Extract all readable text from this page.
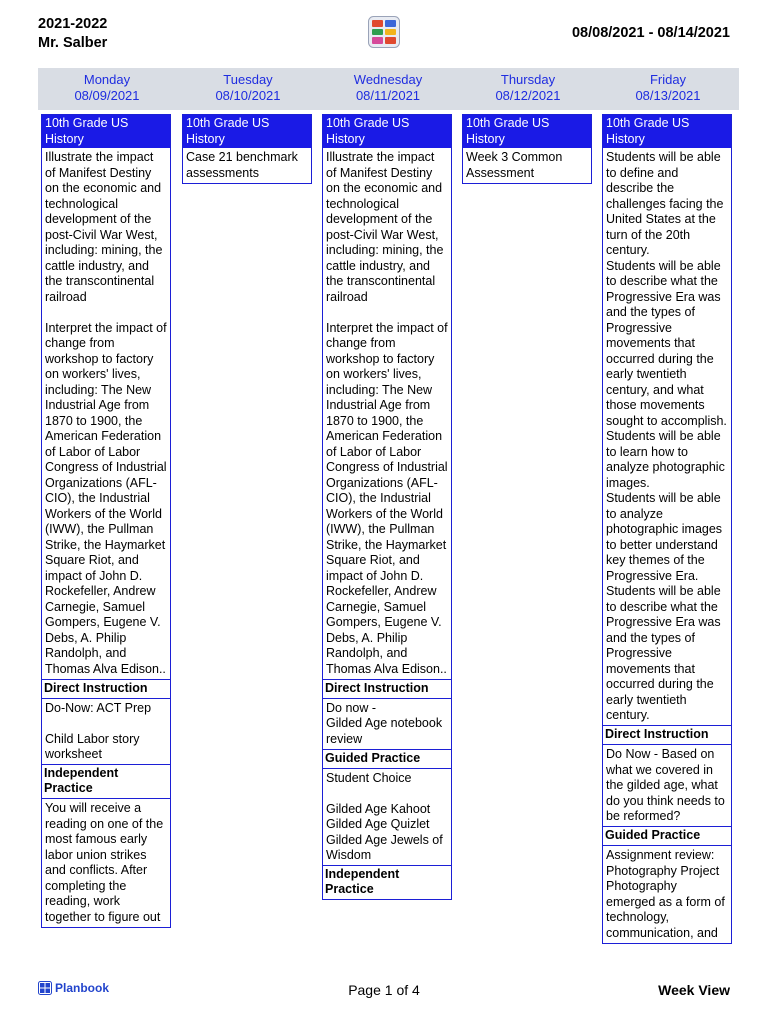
2021-2022
Mr. Salber
08/08/2021 - 08/14/2021
Monday
08/09/2021
Tuesday
08/10/2021
Wednesday
08/11/2021
Thursday
08/12/2021
Friday
08/13/2021
10th Grade US History
Illustrate the impact of Manifest Destiny on the economic and technological development of the post-Civil War West, including: mining, the cattle industry, and the transcontinental railroad

Interpret the impact of change from workshop to factory on workers' lives, including: The New Industrial Age from 1870 to 1900, the American Federation of Labor of Labor Congress of Industrial Organizations (AFL-CIO), the Industrial Workers of the World (IWW), the Pullman Strike, the Haymarket Square Riot, and impact of John D. Rockefeller, Andrew Carnegie, Samuel Gompers, Eugene V. Debs, A. Philip Randolph, and Thomas Alva Edison..
Direct Instruction
Do-Now: ACT Prep

Child Labor story worksheet
Independent Practice
You will receive a reading on one of the most famous early labor union strikes and conflicts. After completing the reading, work together to figure out
10th Grade US History
Case 21 benchmark assessments
10th Grade US History
Illustrate the impact of Manifest Destiny on the economic and technological development of the post-Civil War West, including: mining, the cattle industry, and the transcontinental railroad

Interpret the impact of change from workshop to factory on workers' lives, including: The New Industrial Age from 1870 to 1900, the American Federation of Labor of Labor Congress of Industrial Organizations (AFL-CIO), the Industrial Workers of the World (IWW), the Pullman Strike, the Haymarket Square Riot, and impact of John D. Rockefeller, Andrew Carnegie, Samuel Gompers, Eugene V. Debs, A. Philip Randolph, and Thomas Alva Edison..
Direct Instruction
Do now -
Gilded Age notebook review
Guided Practice
Student Choice

Gilded Age Kahoot
Gilded Age Quizlet
Gilded Age Jewels of Wisdom
Independent Practice
10th Grade US History
Week 3 Common Assessment
10th Grade US History
Students will be able to define and describe the challenges facing the United States at the turn of the 20th century.
Students will be able to describe what the Progressive Era was and the types of Progressive movements that occurred during the early twentieth century, and what those movements sought to accomplish.
Students will be able to learn how to analyze photographic images.
Students will be able to analyze photographic images to better understand key themes of the Progressive Era.
Students will be able to describe what the Progressive Era was and the types of Progressive movements that occurred during the early twentieth century.
Direct Instruction
Do Now - Based on what we covered in the gilded age, what do you think needs to be reformed?
Guided Practice
Assignment review:
Photography Project
Photography emerged as a form of technology, communication, and
Planbook	Page 1 of 4	Week View
